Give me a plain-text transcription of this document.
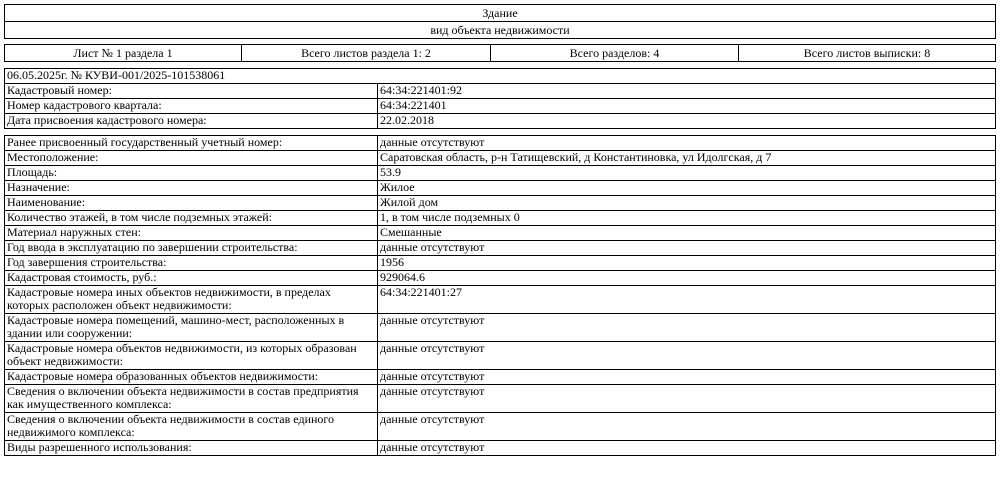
Здание
вид объекта недвижимости
Лист № 1 раздела 1	Всего листов раздела 1: 2	Всего разделов: 4	Всего листов выписки: 8
06.05.2025г. № КУВИ-001/2025-101538061	
Кадастровый номер:	64:34:221401:92
Номер кадастрового квартала:	64:34:221401
Дата присвоения кадастрового номера:	22.02.2018

Ранее присвоенный государственный учетный номер:	данные отсутствуют
Местоположение:	Саратовская область, р-н Татищевский, д Константиновка, ул Идолгская, д 7
Площадь:	53.9
Назначение:	Жилое
Наименование:	Жилой дом
Количество этажей, в том числе подземных этажей:	1, в том числе подземных 0
Материал наружных стен:	Смешанные
Год ввода в эксплуатацию по завершении строительства:	данные отсутствуют
Год завершения строительства:	1956
Кадастровая стоимость, руб.:	929064.6
Кадастровые номера иных объектов недвижимости, в пределах которых расположен объект недвижимости:	64:34:221401:27
Кадастровые номера помещений, машино-мест, расположенных в здании или сооружении:	данные отсутствуют
Кадастровые номера объектов недвижимости, из которых образован объект недвижимости:	данные отсутствуют
Кадастровые номера образованных объектов недвижимости:	данные отсутствуют
Сведения о включении объекта недвижимости в состав предприятия как имущественного комплекса:	данные отсутствуют
Сведения о включении объекта недвижимости в состав единого недвижимого комплекса:	данные отсутствуют
Виды разрешенного использования:	данные отсутствуют
